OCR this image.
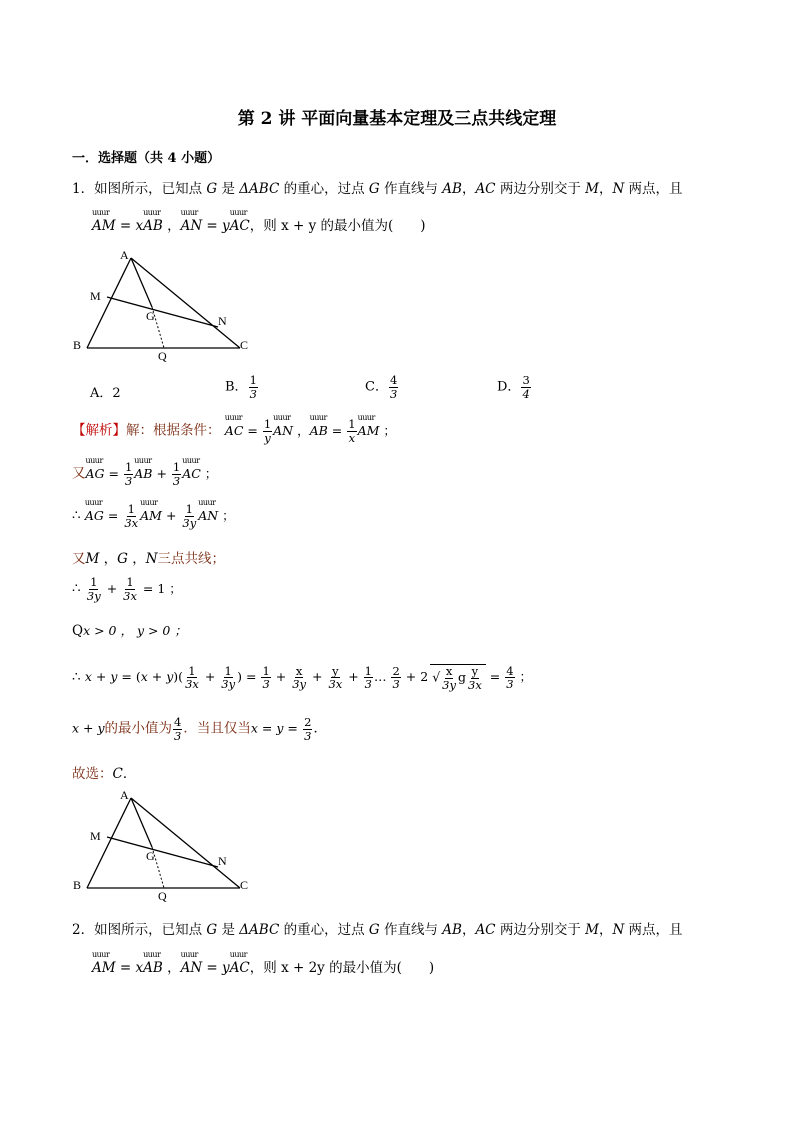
第 2 讲 平面向量基本定理及三点共线定理
一．选择题（共 4 小题）
1．如图所示，已知点 G 是 ΔABC 的重心，过点 G 作直线与 AB，AC 两边分别交于 M，N 两点，且
uuur AM = xuuur AB ，uuur AN = yuuur AC，则 x + y 的最小值为(　　)
A
M
G	N
B	C
Q
A．2	B． $\frac{1}{3}$	C． $\frac{4}{3}$	D． $\frac{3}{4}$
【解析】解：根据条件： uuur AC = $\frac{1}{y}$ uuur AN ，uuur AB = $\frac{1}{x}$ uuur AM ；
又uuur AG = $\frac{1}{3}$ uuur AB + $\frac{1}{3}$ uuur AC ；
∴ uuur AG = $\frac{1}{3x}$ uuur AM + $\frac{1}{3y}$ uuur AN ；
又M ，G ，N三点共线；
∴ $\frac{1}{3y} + \frac{1}{3x} = 1$ ；
Qx > 0 ， y > 0 ；
∴ $x + y = (x + y)( \frac{1}{3x} + \frac{1}{3y}$ ) = $\frac{1}{3} + \frac{x}{3y} + \frac{y}{3x} + \frac{1}{3}$ … $\frac{2}{3} + 2$ √ $\frac{x}{3y}$ g $\frac{y}{3x} = \frac{4}{3}$ ；
x + y的最小值为 $\frac{4}{3}$ ．当且仅当$x = y = \frac{2}{3}$ ．
故选：C．
A
M
G	N
B	C
Q
2．如图所示，已知点 G 是 ΔABC 的重心，过点 G 作直线与 AB，AC 两边分别交于 M，N 两点，且
uuur AM = xuuur AB ，uuur AN = yuuur AC，则 x + 2y 的最小值为(　　)
